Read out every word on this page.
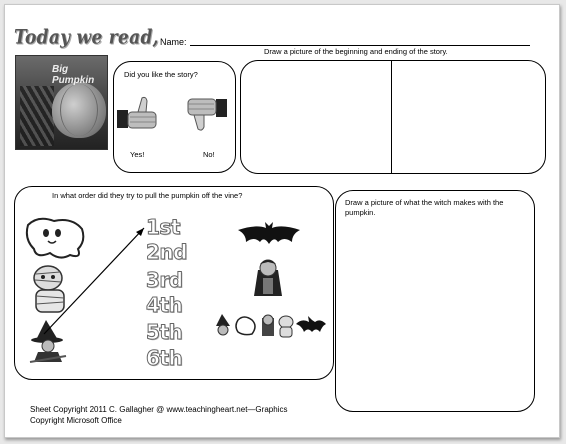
Today we read,
Big Pumpkin
Name:
Did you like the story?
Yes!	No!
Draw a picture of the beginning and ending of the story.
In what order did they try to pull the pumpkin off the vine?
1st
2nd
3rd
4th
5th
6th
Draw a picture of what the witch makes with the pumpkin.
Sheet Copyright 2011 C. Gallagher @ www.teachingheart.net—Graphics
Copyright Microsoft Office
